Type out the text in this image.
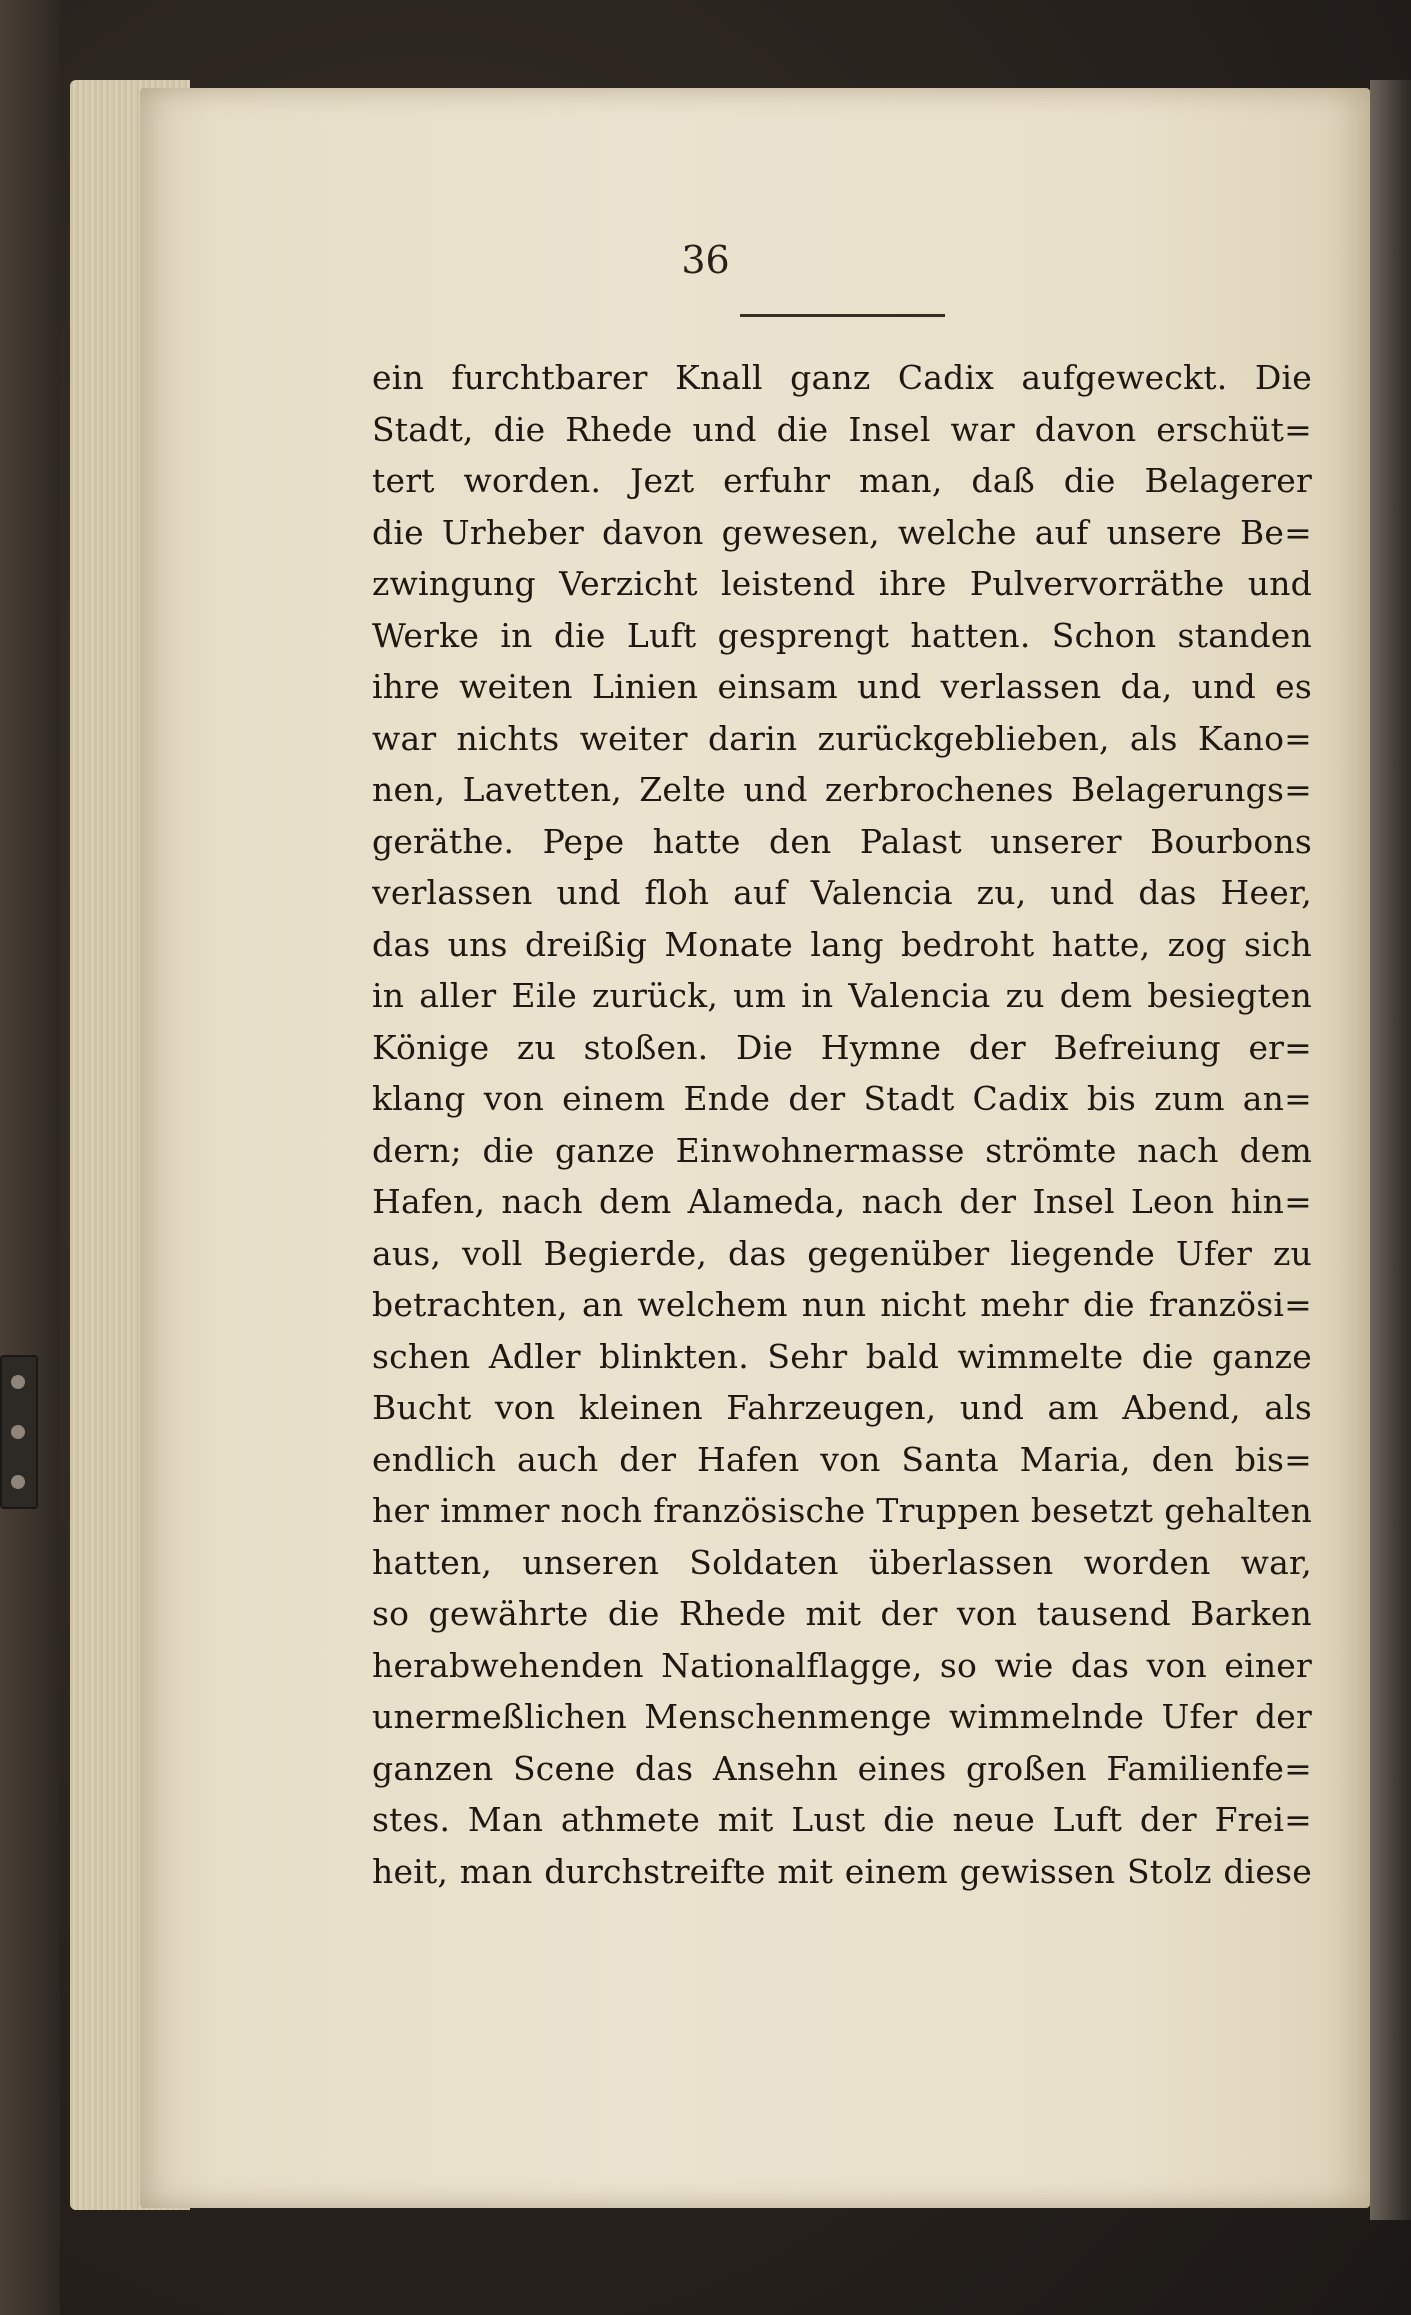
36
ein furchtbarer Knall ganz Cadix aufgeweckt. Die
Stadt, die Rhede und die Insel war davon erschüt=
tert worden. Jezt erfuhr man, daß die Belagerer
die Urheber davon gewesen, welche auf unsere Be=
zwingung Verzicht leistend ihre Pulvervorräthe und
Werke in die Luft gesprengt hatten. Schon standen
ihre weiten Linien einsam und verlassen da, und es
war nichts weiter darin zurückgeblieben, als Kano=
nen, Lavetten, Zelte und zerbrochenes Belagerungs=
geräthe. Pepe hatte den Palast unserer Bourbons
verlassen und floh auf Valencia zu, und das Heer,
das uns dreißig Monate lang bedroht hatte, zog sich
in aller Eile zurück, um in Valencia zu dem besiegten
Könige zu stoßen. Die Hymne der Befreiung er=
klang von einem Ende der Stadt Cadix bis zum an=
dern; die ganze Einwohnermasse strömte nach dem
Hafen, nach dem Alameda, nach der Insel Leon hin=
aus, voll Begierde, das gegenüber liegende Ufer zu
betrachten, an welchem nun nicht mehr die französi=
schen Adler blinkten. Sehr bald wimmelte die ganze
Bucht von kleinen Fahrzeugen, und am Abend, als
endlich auch der Hafen von Santa Maria, den bis=
her immer noch französische Truppen besetzt gehalten
hatten, unseren Soldaten überlassen worden war,
so gewährte die Rhede mit der von tausend Barken
herabwehenden Nationalflagge, so wie das von einer
unermeßlichen Menschenmenge wimmelnde Ufer der
ganzen Scene das Ansehn eines großen Familienfe=
stes. Man athmete mit Lust die neue Luft der Frei=
heit, man durchstreifte mit einem gewissen Stolz diese
